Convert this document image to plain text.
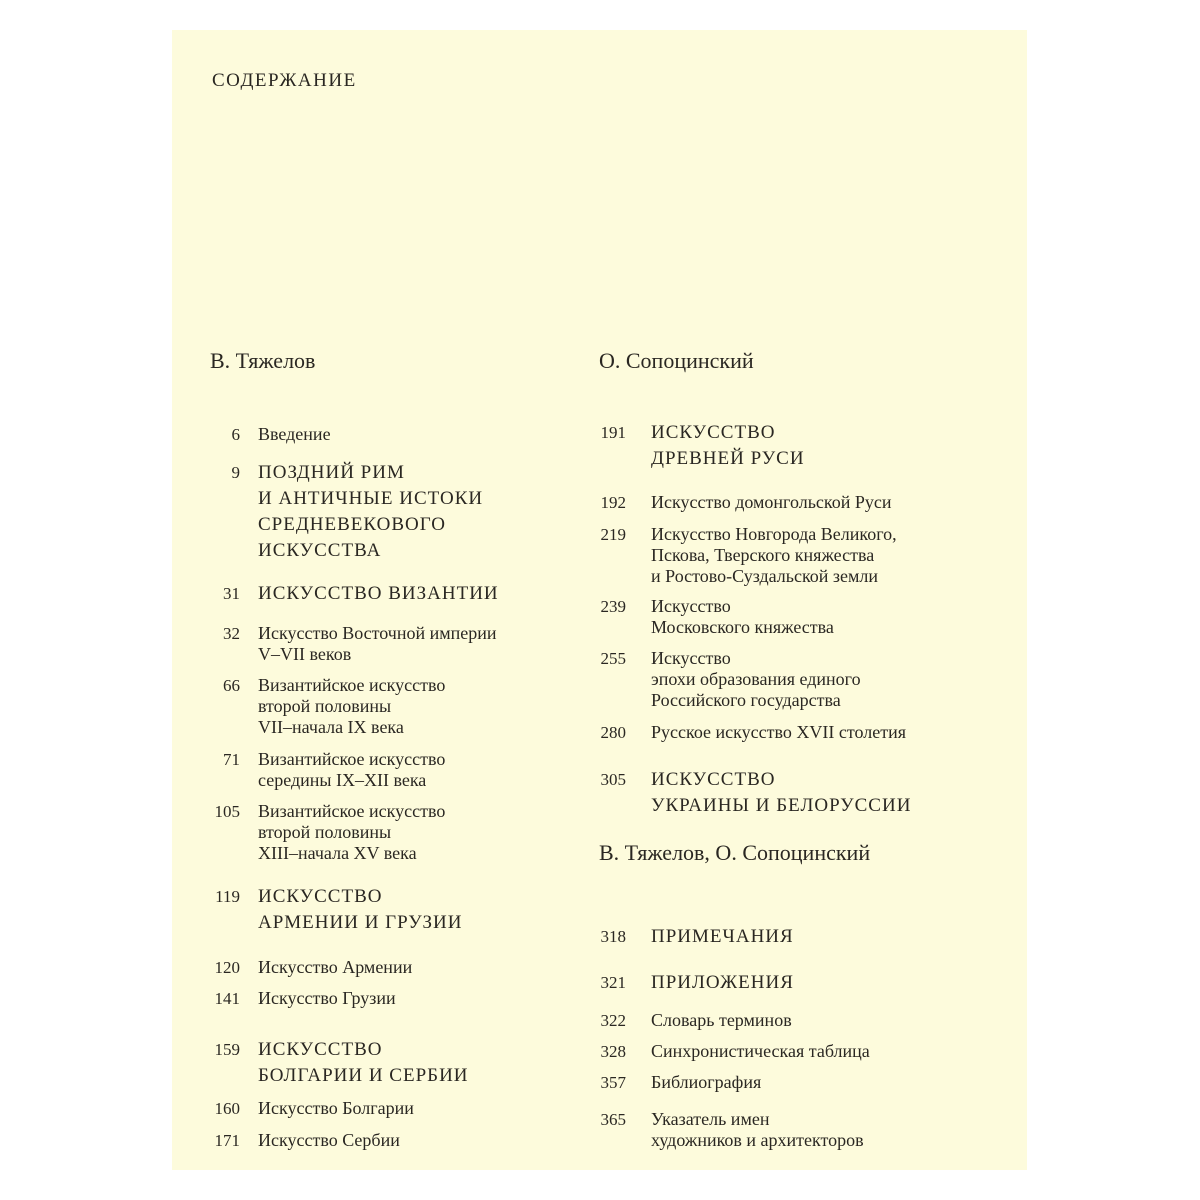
СОДЕРЖАНИЕ
В. Тяжелов
6 Введение
9 ПОЗДНИЙ РИМ
И АНТИЧНЫЕ ИСТОКИ
СРЕДНЕВЕКОВОГО
ИСКУССТВА
31 ИСКУССТВО ВИЗАНТИИ
32 Искусство Восточной империи
V–VII веков
66 Византийское искусство
второй половины
VII–начала IX века
71 Византийское искусство
середины IX–XII века
105 Византийское искусство
второй половины
XIII–начала XV века
119 ИСКУССТВО
АРМЕНИИ И ГРУЗИИ
120 Искусство Армении
141 Искусство Грузии
159 ИСКУССТВО
БОЛГАРИИ И СЕРБИИ
160 Искусство Болгарии
171 Искусство Сербии
О. Сопоцинский
191 ИСКУССТВО
ДРЕВНЕЙ РУСИ
192 Искусство домонгольской Руси
219 Искусство Новгорода Великого,
Пскова, Тверского княжества
и Ростово-Суздальской земли
239 Искусство
Московского княжества
255 Искусство
эпохи образования единого
Российского государства
280 Русское искусство XVII столетия
305 ИСКУССТВО
УКРАИНЫ И БЕЛОРУССИИ
В. Тяжелов, О. Сопоцинский
318 ПРИМЕЧАНИЯ
321 ПРИЛОЖЕНИЯ
322 Словарь терминов
328 Синхронистическая таблица
357 Библиография
365 Указатель имен
художников и архитекторов
